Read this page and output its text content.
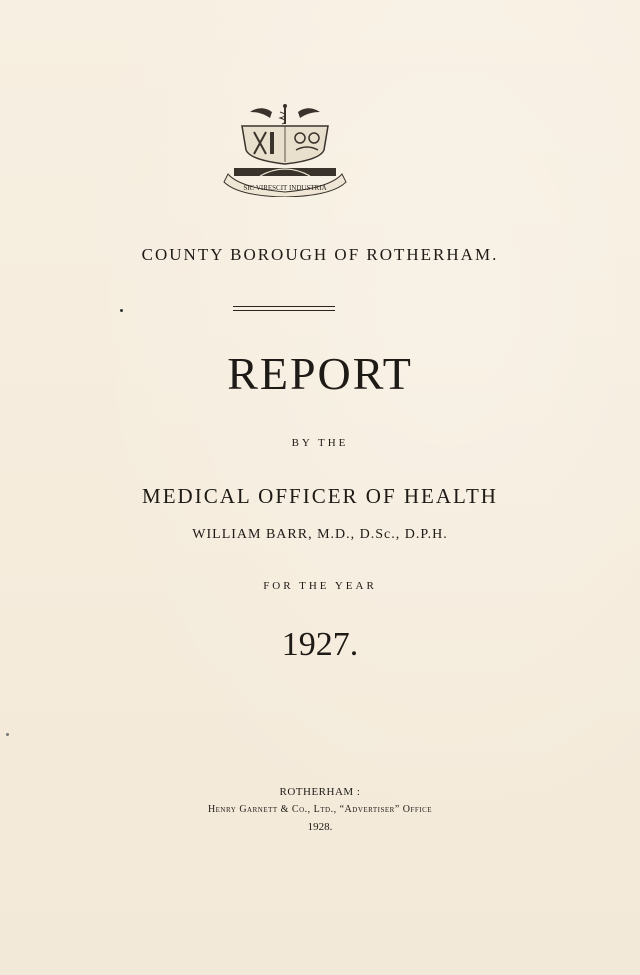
SIC VIRESCIT INDUSTRIA
COUNTY BOROUGH OF ROTHERHAM.
REPORT
BY THE
MEDICAL OFFICER OF HEALTH
WILLIAM BARR, M.D., D.Sc., D.P.H.
FOR THE YEAR
1927.
ROTHERHAM :
Henry Garnett & Co., Ltd., “Advertiser” Office
1928.
